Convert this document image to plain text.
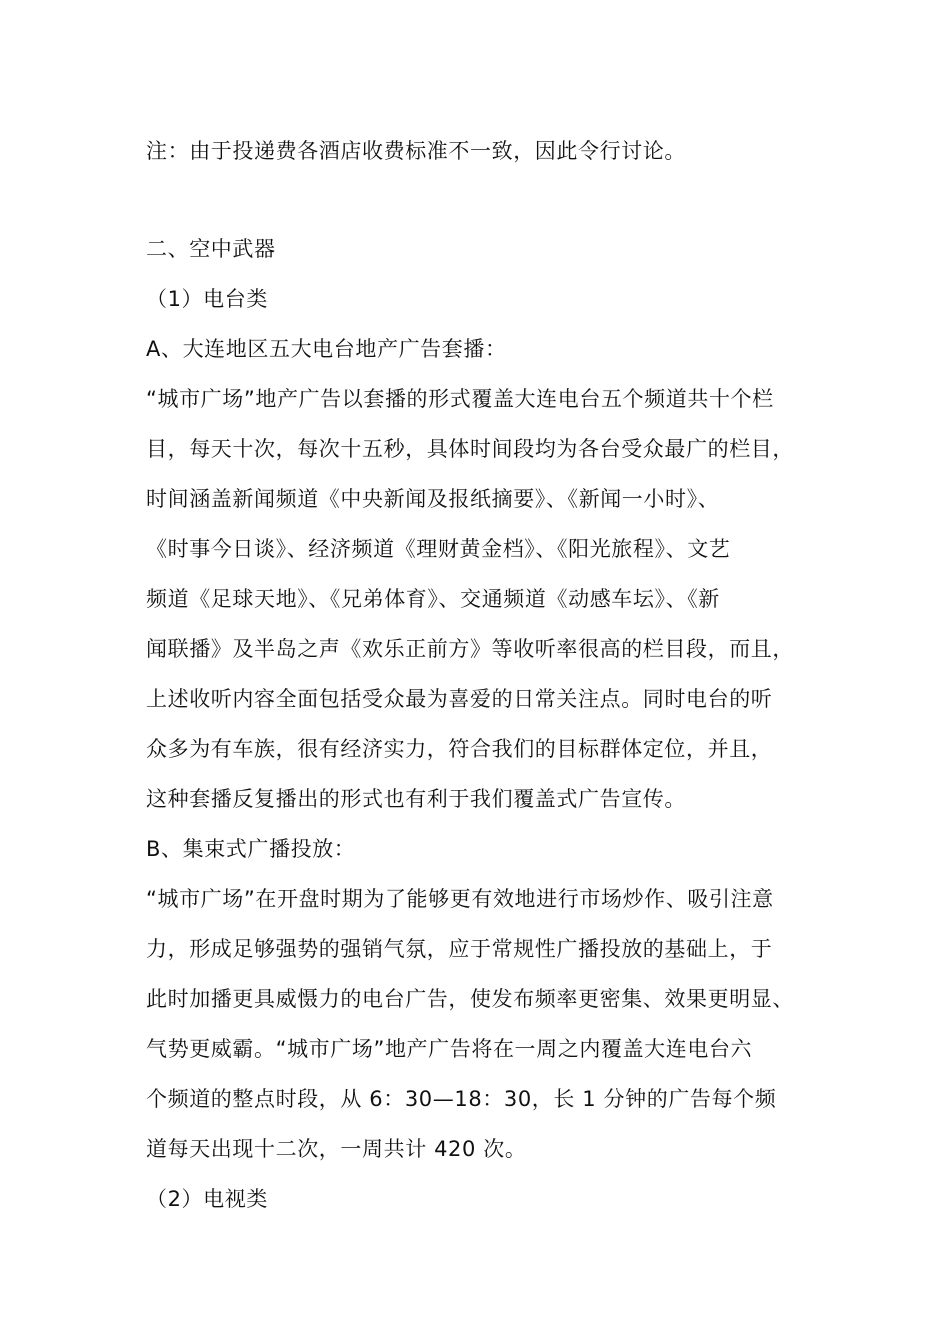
注：由于投递费各酒店收费标准不一致，因此令行讨论。
二、空中武器
（1）电台类
A、大连地区五大电台地产广告套播：
“城市广场”地产广告以套播的形式覆盖大连电台五个频道共十个栏
目，每天十次，每次十五秒，具体时间段均为各台受众最广的栏目，
时间涵盖新闻频道《中央新闻及报纸摘要》、《新闻一小时》、
《时事今日谈》、经济频道《理财黄金档》、《阳光旅程》、文艺
频道《足球天地》、《兄弟体育》、交通频道《动感车坛》、《新
闻联播》及半岛之声《欢乐正前方》等收听率很高的栏目段，而且，
上述收听内容全面包括受众最为喜爱的日常关注点。同时电台的听
众多为有车族，很有经济实力，符合我们的目标群体定位，并且，
这种套播反复播出的形式也有利于我们覆盖式广告宣传。
B、集束式广播投放：
“城市广场”在开盘时期为了能够更有效地进行市场炒作、吸引注意
力，形成足够强势的强销气氛，应于常规性广播投放的基础上，于
此时加播更具威慑力的电台广告，使发布频率更密集、效果更明显、
气势更威霸。“城市广场”地产广告将在一周之内覆盖大连电台六
个频道的整点时段，从 6：30—18：30，长 1 分钟的广告每个频
道每天出现十二次，一周共计 420 次。
（2）电视类
